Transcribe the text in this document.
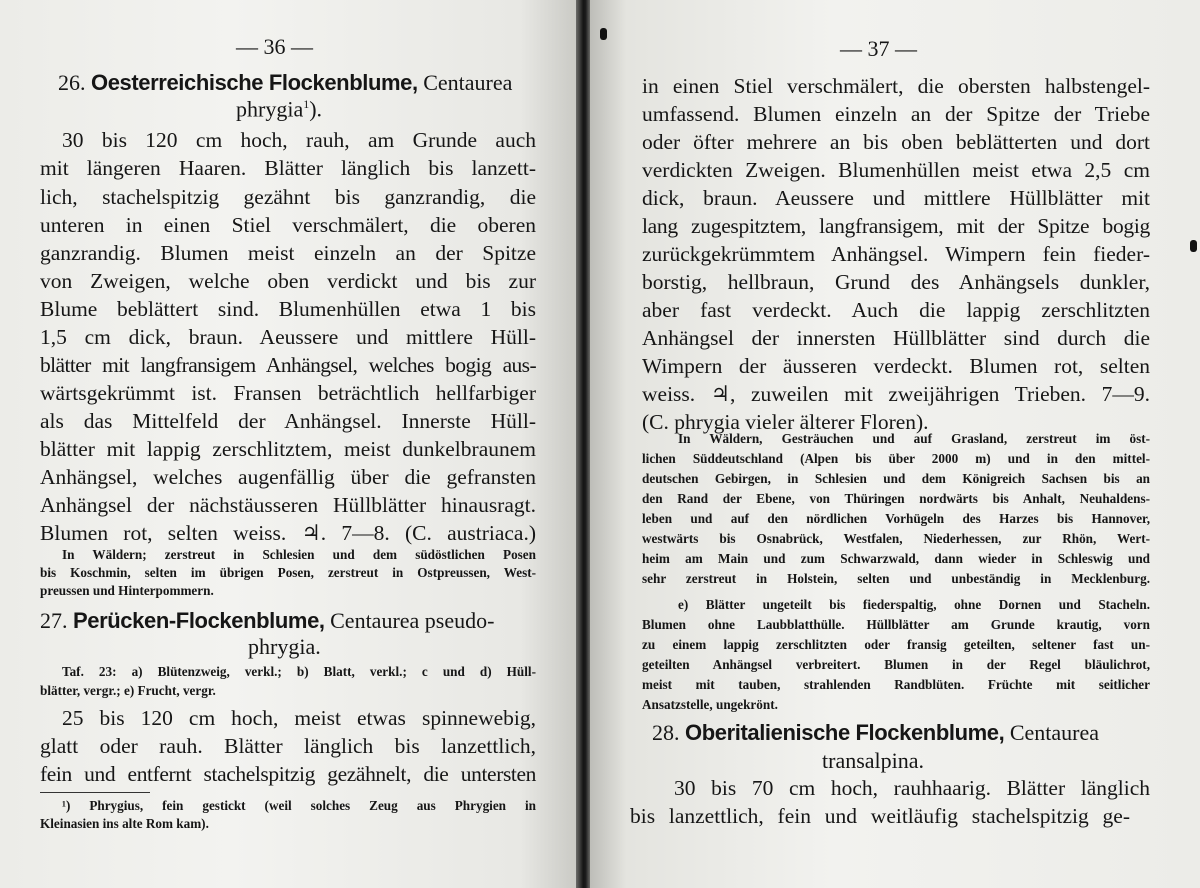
— 36 —
26. Oesterreichische Flockenblume, Centaurea
phrygia$^1$).
30 bis 120 cm hoch, rauh, am Grunde auch
mit längeren Haaren. Blätter länglich bis lanzett-
lich, stachelspitzig gezähnt bis ganzrandig, die
unteren in einen Stiel verschmälert, die oberen
ganzrandig. Blumen meist einzeln an der Spitze
von Zweigen, welche oben verdickt und bis zur
Blume beblättert sind. Blumenhüllen etwa 1 bis
1,5 cm dick, braun. Aeussere und mittlere Hüll-
blätter mit langfransigem Anhängsel, welches bogig aus-
wärtsgekrümmt ist. Fransen beträchtlich hellfarbiger
als das Mittelfeld der Anhängsel. Innerste Hüll-
blätter mit lappig zerschlitztem, meist dunkelbraunem
Anhängsel, welches augenfällig über die gefransten
Anhängsel der nächstäusseren Hüllblätter hinausragt.
Blumen rot, selten weiss. ♃. 7—8. (C. austriaca.)
In Wäldern; zerstreut in Schlesien und dem südöstlichen Posen
bis Koschmin, selten im übrigen Posen, zerstreut in Ostpreussen, West-
preussen und Hinterpommern.
27. Perücken-Flockenblume, Centaurea pseudo-
phrygia.
Taf. 23: a) Blütenzweig, verkl.; b) Blatt, verkl.; c und d) Hüll-
blätter, vergr.; e) Frucht, vergr.
25 bis 120 cm hoch, meist etwas spinnewebig,
glatt oder rauh. Blätter länglich bis lanzettlich,
fein und entfernt stachelspitzig gezähnelt, die untersten
¹) Phrygius, fein gestickt (weil solches Zeug aus Phrygien in
Kleinasien ins alte Rom kam).
— 37 —
in einen Stiel verschmälert, die obersten halbstengel-
umfassend. Blumen einzeln an der Spitze der Triebe
oder öfter mehrere an bis oben beblätterten und dort
verdickten Zweigen. Blumenhüllen meist etwa 2,5 cm
dick, braun. Aeussere und mittlere Hüllblätter mit
lang zugespitztem, langfransigem, mit der Spitze bogig
zurückgekrümmtem Anhängsel. Wimpern fein fieder-
borstig, hellbraun, Grund des Anhängsels dunkler,
aber fast verdeckt. Auch die lappig zerschlitzten
Anhängsel der innersten Hüllblätter sind durch die
Wimpern der äusseren verdeckt. Blumen rot, selten
weiss. ♃, zuweilen mit zweijährigen Trieben. 7—9.
(C. phrygia vieler älterer Floren).
In Wäldern, Gesträuchen und auf Grasland, zerstreut im öst-
lichen Süddeutschland (Alpen bis über 2000 m) und in den mittel-
deutschen Gebirgen, in Schlesien und dem Königreich Sachsen bis an
den Rand der Ebene, von Thüringen nordwärts bis Anhalt, Neuhaldens-
leben und auf den nördlichen Vorhügeln des Harzes bis Hannover,
westwärts bis Osnabrück, Westfalen, Niederhessen, zur Rhön, Wert-
heim am Main und zum Schwarzwald, dann wieder in Schleswig und
sehr zerstreut in Holstein, selten und unbeständig in Mecklenburg.
e) Blätter ungeteilt bis fiederspaltig, ohne Dornen und Stacheln.
Blumen ohne Laubblatthülle. Hüllblätter am Grunde krautig, vorn
zu einem lappig zerschlitzten oder fransig geteilten, seltener fast un-
geteilten Anhängsel verbreitert. Blumen in der Regel bläulichrot,
meist mit tauben, strahlenden Randblüten. Früchte mit seitlicher
Ansatzstelle, ungekrönt.
28. Oberitalienische Flockenblume, Centaurea
transalpina.
30 bis 70 cm hoch, rauhhaarig. Blätter länglich
bis lanzettlich, fein und weitläufig stachelspitzig ge-
